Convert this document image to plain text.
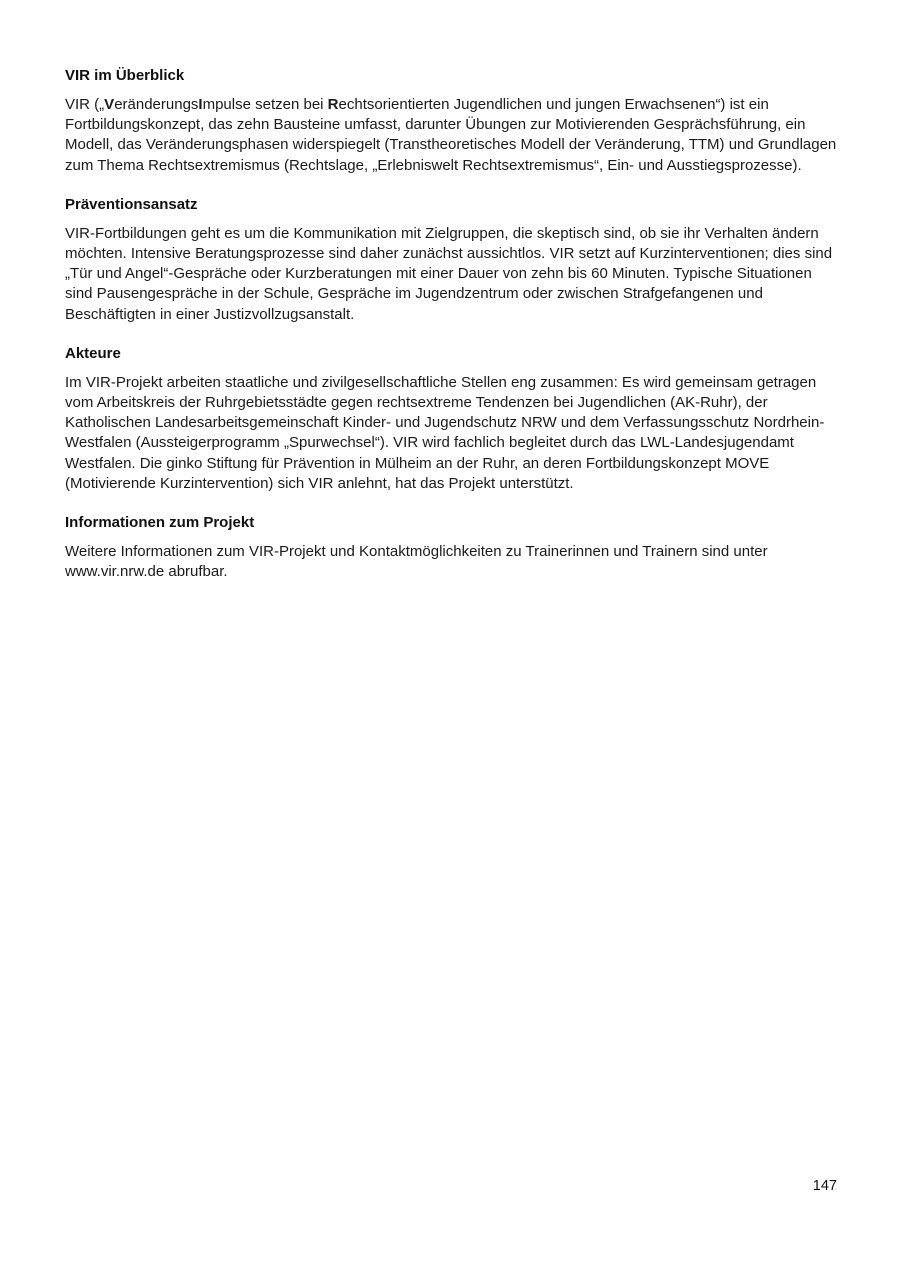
VIR im Überblick

VIR („VeränderungsImpulse setzen bei Rechtsorientierten Jugendlichen und jungen Erwachsenen“) ist ein Fortbildungskonzept, das zehn Bausteine umfasst, darunter Übungen zur Motivierenden Gesprächsführung, ein Modell, das Veränderungsphasen widerspiegelt (Transtheoretisches Modell der Veränderung, TTM) und Grundlagen zum Thema Rechtsextremismus (Rechtslage, „Erlebniswelt Rechtsextremismus“, Ein- und Ausstiegsprozesse).

Präventionsansatz

VIR-Fortbildungen geht es um die Kommunikation mit Zielgruppen, die skeptisch sind, ob sie ihr Verhalten ändern möchten. Intensive Beratungsprozesse sind daher zunächst aussichtlos. VIR setzt auf Kurzinterventionen; dies sind „Tür und Angel“-Gespräche oder Kurzberatungen mit einer Dauer von zehn bis 60 Minuten. Typische Situationen sind Pausengespräche in der Schule, Gespräche im Jugendzentrum oder zwischen Strafgefangenen und Beschäftigten in einer Justizvollzugsanstalt.

Akteure

Im VIR-Projekt arbeiten staatliche und zivilgesellschaftliche Stellen eng zusammen: Es wird gemeinsam getragen vom Arbeitskreis der Ruhrgebietsstädte gegen rechtsextreme Tendenzen bei Jugendlichen (AK-Ruhr), der Katholischen Landesarbeitsgemeinschaft Kinder- und Jugendschutz NRW und dem Verfassungsschutz Nordrhein-Westfalen (Aussteigerprogramm „Spurwechsel“). VIR wird fachlich begleitet durch das LWL-Landesjugendamt Westfalen. Die ginko Stiftung für Prävention in Mülheim an der Ruhr, an deren Fortbildungskonzept MOVE (Motivierende Kurzintervention) sich VIR anlehnt, hat das Projekt unterstützt.

Informationen zum Projekt

Weitere Informationen zum VIR-Projekt und Kontaktmöglichkeiten zu Trainerinnen und Trainern sind unter www.vir.nrw.de abrufbar.

147
